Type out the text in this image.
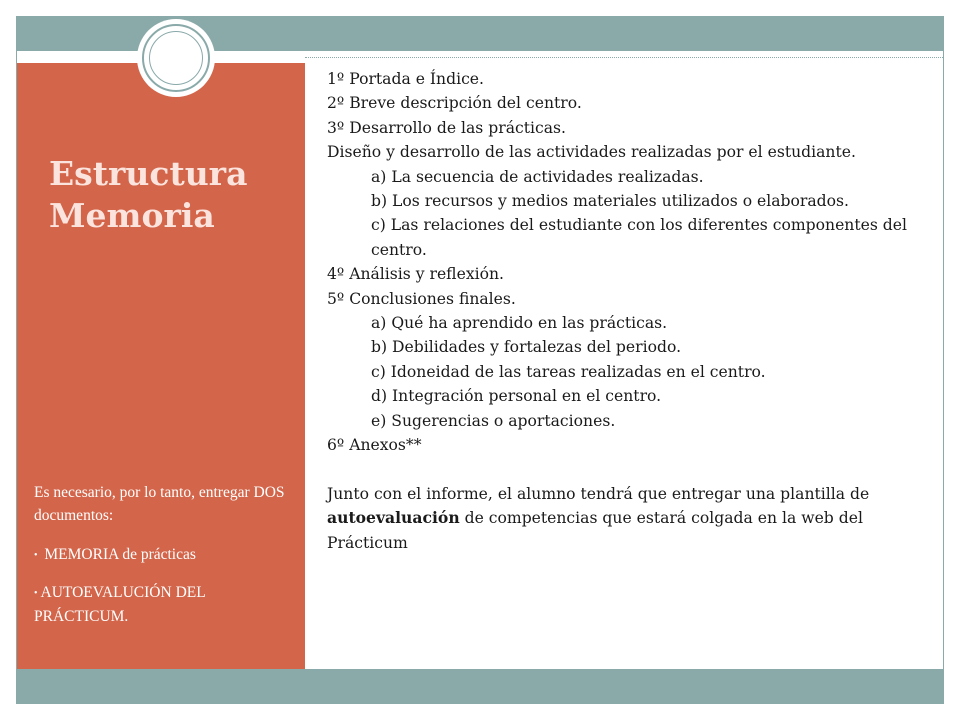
Estructura
Memoria

Es necesario, por lo tanto, entregar DOS documentos:

• MEMORIA de prácticas

• AUTOEVALUCIÓN DEL PRÁCTICUM.

1º Portada e Índice.
2º Breve descripción del centro.
3º Desarrollo de las prácticas.
Diseño y desarrollo de las actividades realizadas por el estudiante.
a) La secuencia de actividades realizadas.
b) Los recursos y medios materiales utilizados o elaborados.
c) Las relaciones del estudiante con los diferentes componentes del centro.
4º Análisis y reflexión.
5º Conclusiones finales.
a) Qué ha aprendido en las prácticas.
b) Debilidades y fortalezas del periodo.
c) Idoneidad de las tareas realizadas en el centro.
d) Integración personal en el centro.
e) Sugerencias o aportaciones.
6º Anexos**
Junto con el informe, el alumno tendrá que entregar una plantilla de autoevaluación de competencias que estará colgada en la web del Prácticum
